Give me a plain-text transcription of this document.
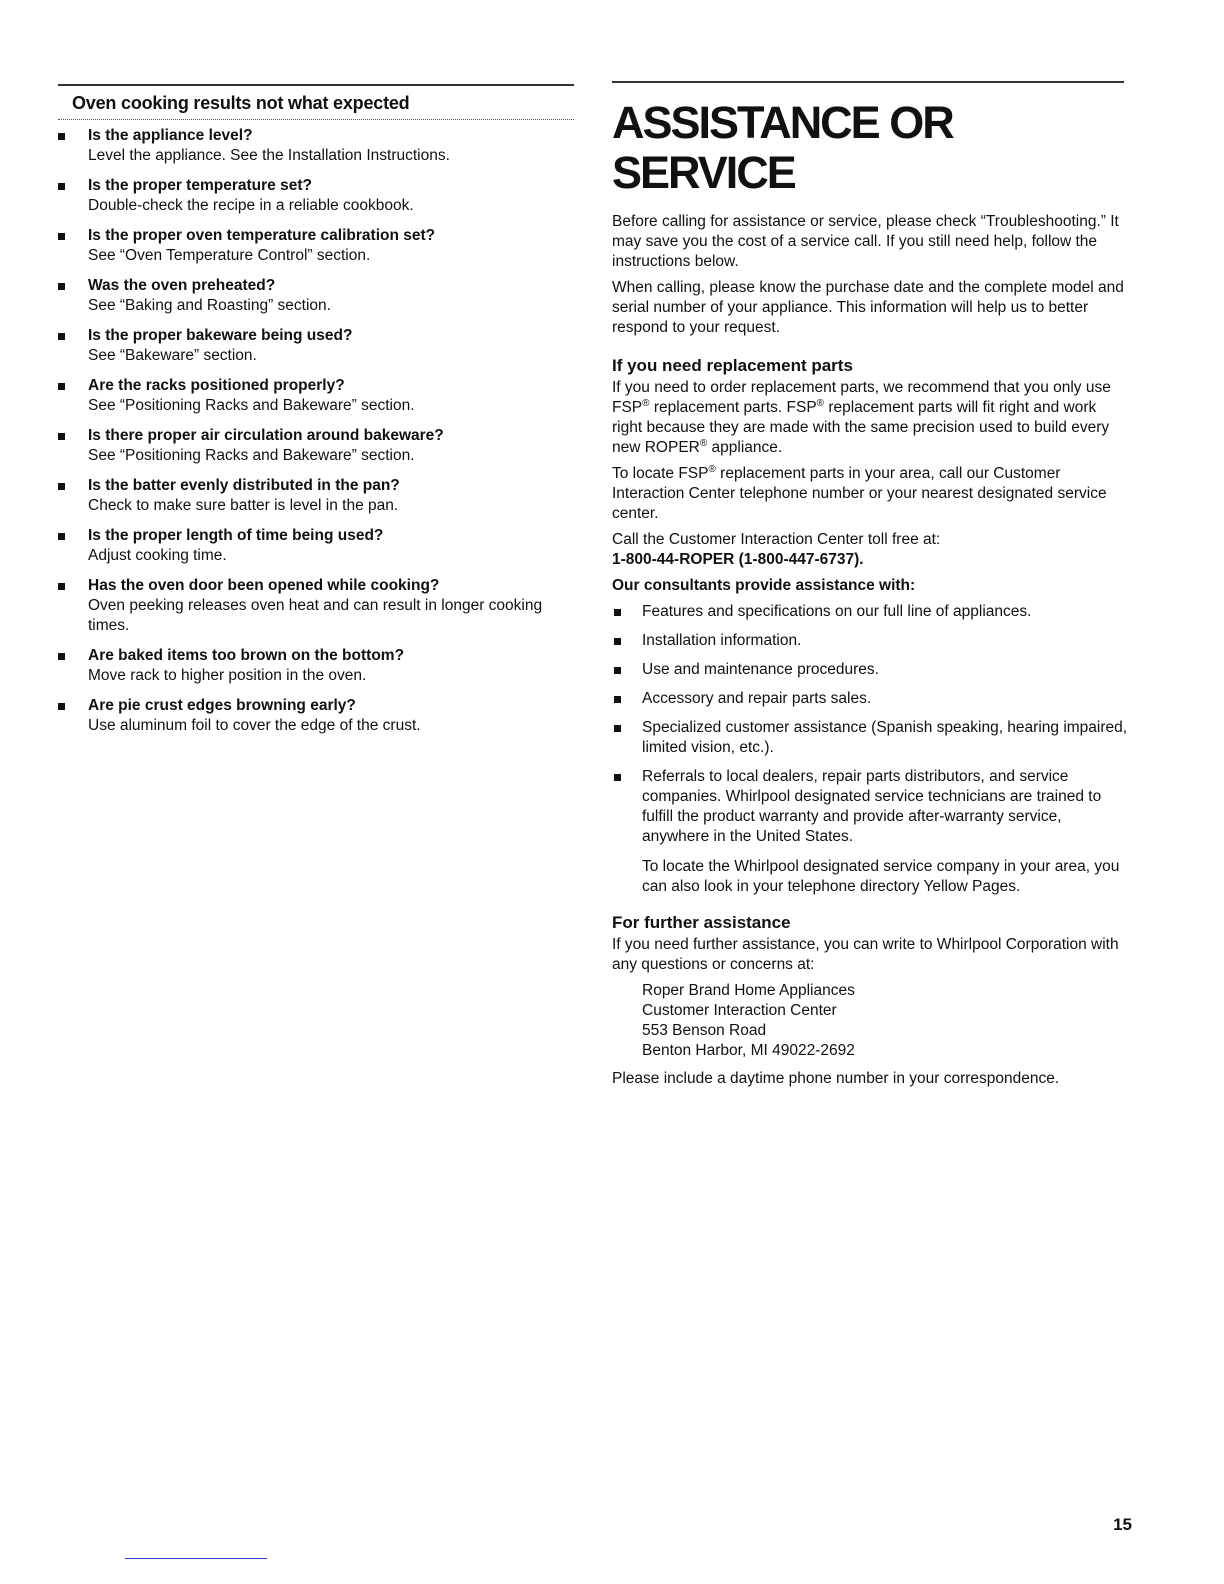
Oven cooking results not what expected
Is the appliance level?
Level the appliance. See the Installation Instructions.
Is the proper temperature set?
Double-check the recipe in a reliable cookbook.
Is the proper oven temperature calibration set?
See “Oven Temperature Control” section.
Was the oven preheated?
See “Baking and Roasting” section.
Is the proper bakeware being used?
See “Bakeware” section.
Are the racks positioned properly?
See “Positioning Racks and Bakeware” section.
Is there proper air circulation around bakeware?
See “Positioning Racks and Bakeware” section.
Is the batter evenly distributed in the pan?
Check to make sure batter is level in the pan.
Is the proper length of time being used?
Adjust cooking time.
Has the oven door been opened while cooking?
Oven peeking releases oven heat and can result in longer cooking times.
Are baked items too brown on the bottom?
Move rack to higher position in the oven.
Are pie crust edges browning early?
Use aluminum foil to cover the edge of the crust.
ASSISTANCE OR SERVICE

Before calling for assistance or service, please check “Troubleshooting.” It may save you the cost of a service call. If you still need help, follow the instructions below.

When calling, please know the purchase date and the complete model and serial number of your appliance. This information will help us to better respond to your request.

If you need replacement parts

If you need to order replacement parts, we recommend that you only use FSP® replacement parts. FSP® replacement parts will fit right and work right because they are made with the same precision used to build every new ROPER® appliance.

To locate FSP® replacement parts in your area, call our Customer Interaction Center telephone number or your nearest designated service center.

Call the Customer Interaction Center toll free at:

1-800-44-ROPER (1-800-447-6737).

Our consultants provide assistance with:

Features and specifications on our full line of appliances.
Installation information.
Use and maintenance procedures.
Accessory and repair parts sales.
Specialized customer assistance (Spanish speaking, hearing impaired, limited vision, etc.).
Referrals to local dealers, repair parts distributors, and service companies. Whirlpool designated service technicians are trained to fulfill the product warranty and provide after-warranty service, anywhere in the United States.
To locate the Whirlpool designated service company in your area, you can also look in your telephone directory Yellow Pages.
For further assistance

If you need further assistance, you can write to Whirlpool Corporation with any questions or concerns at:

Roper Brand Home Appliances
Customer Interaction Center
553 Benson Road
Benton Harbor, MI 49022-2692

Please include a daytime phone number in your correspondence.

15
